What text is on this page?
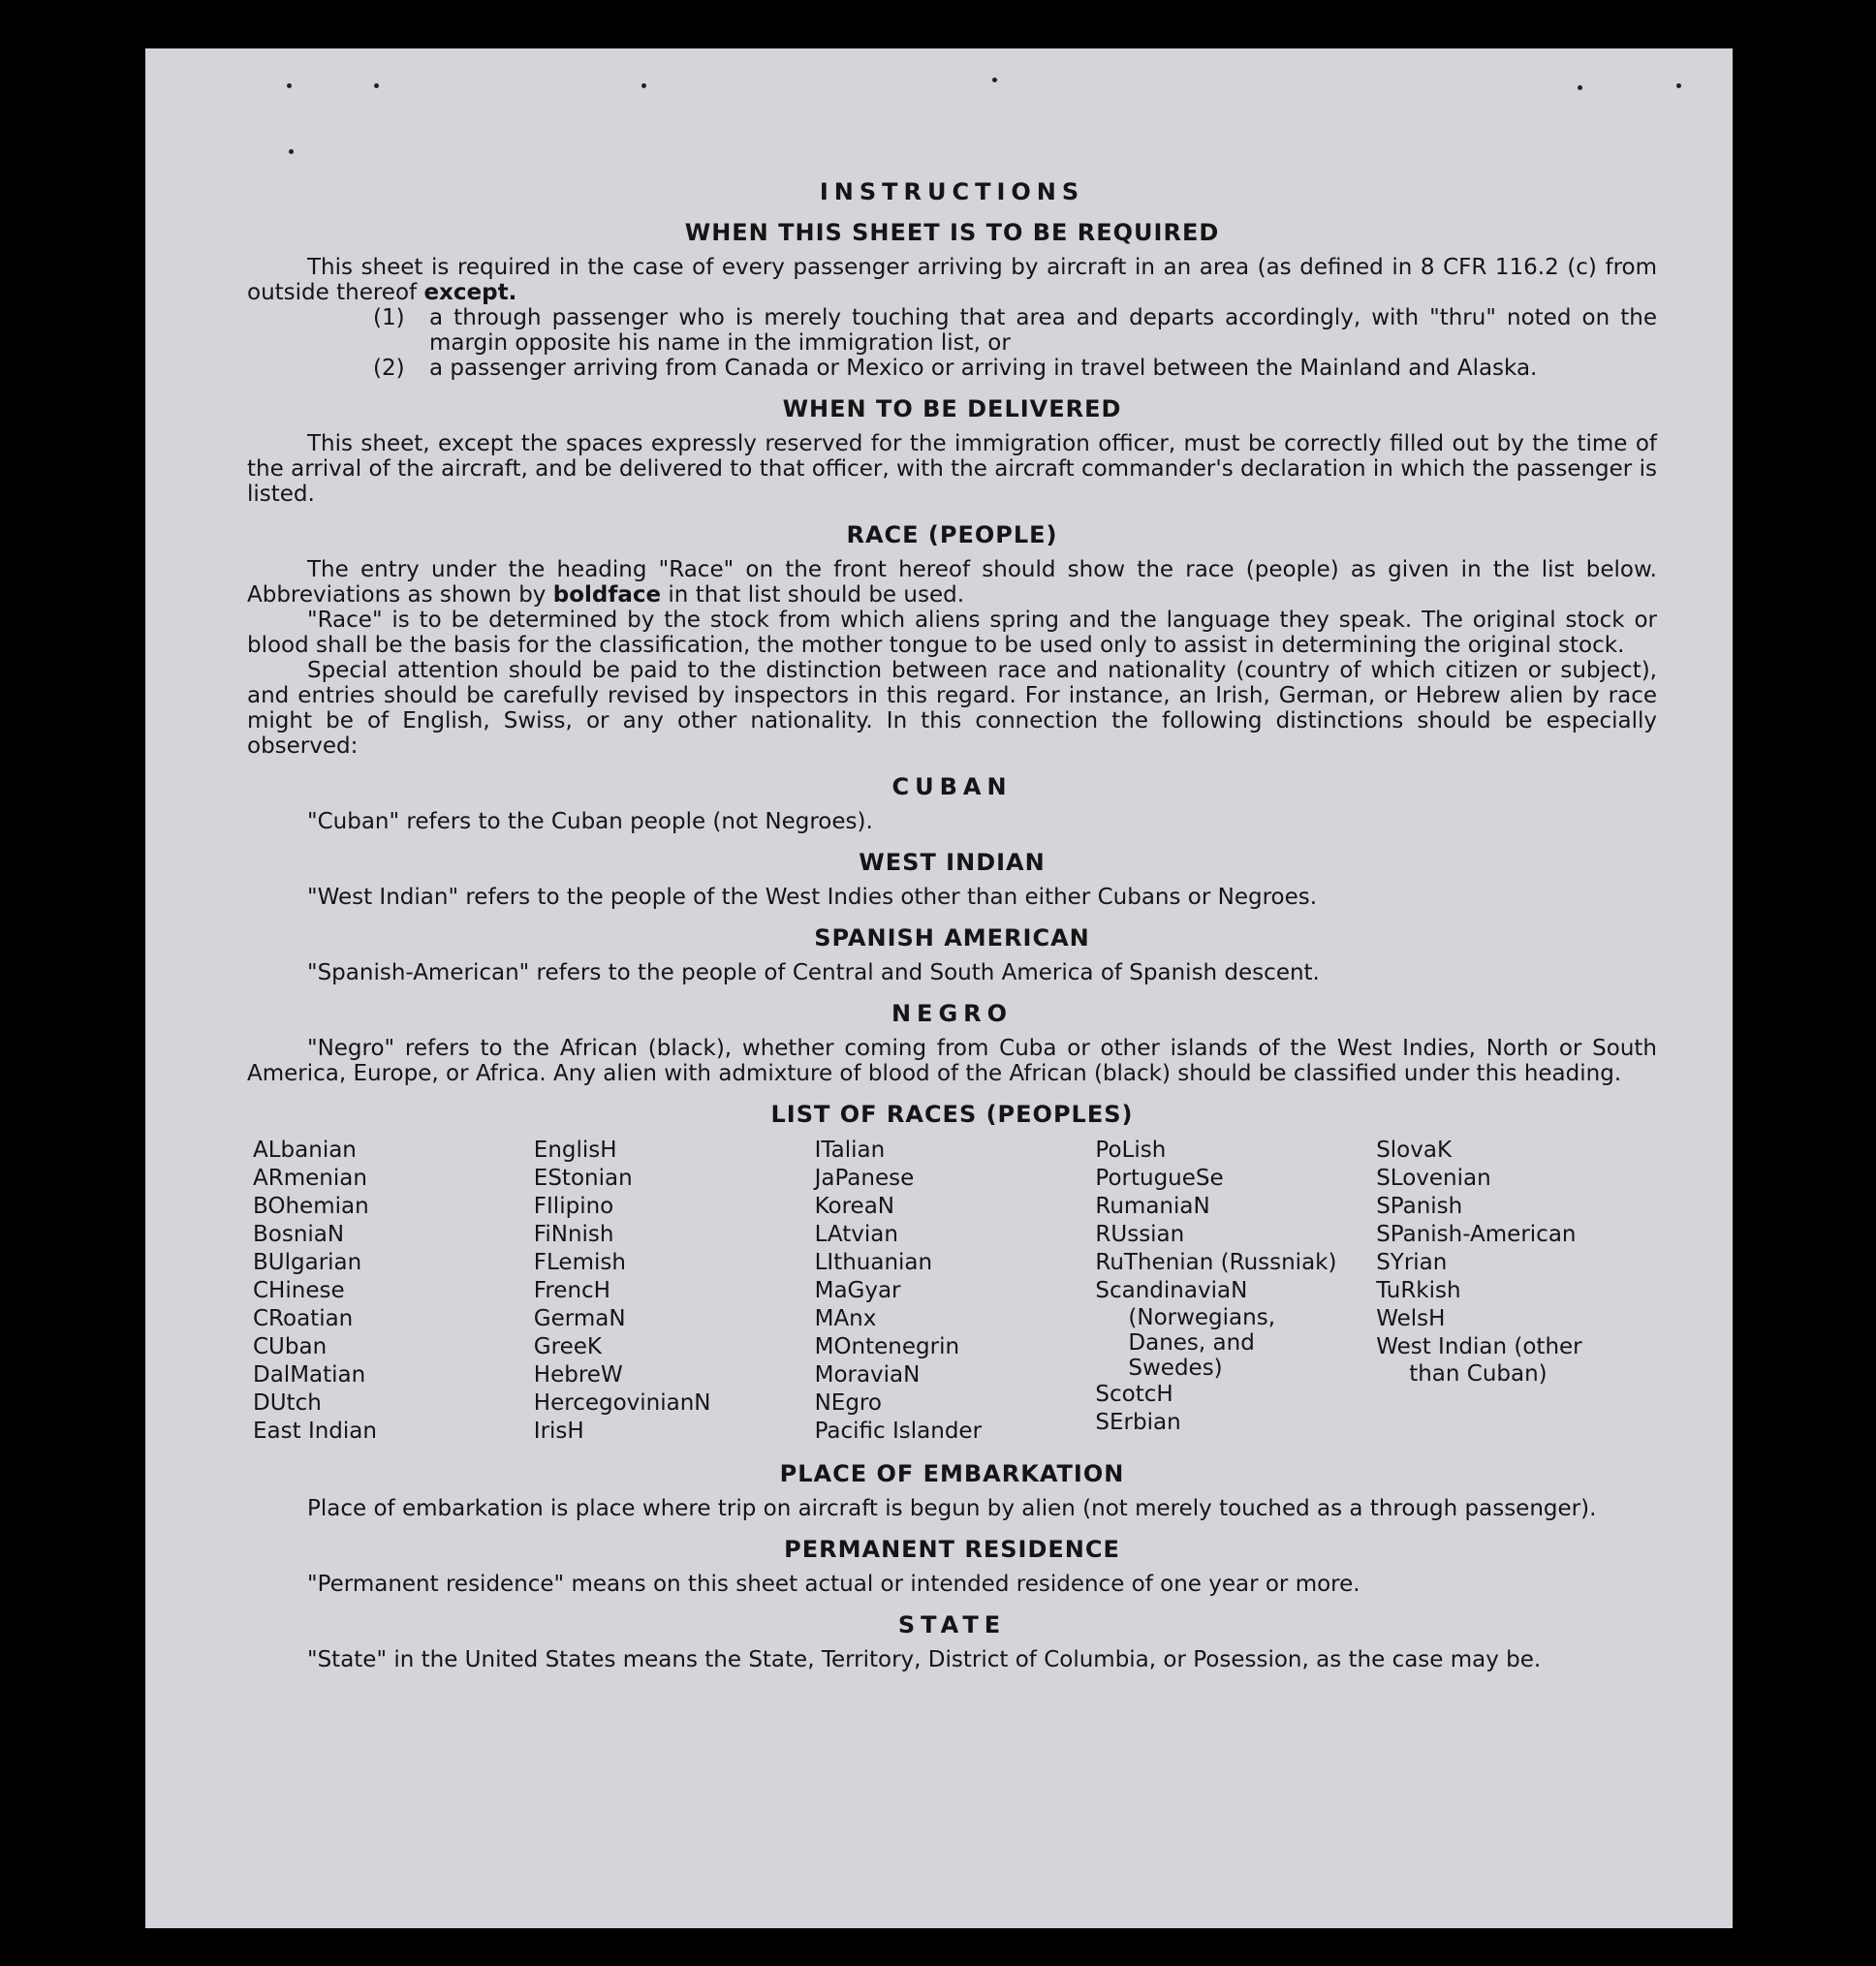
INSTRUCTIONS
WHEN THIS SHEET IS TO BE REQUIRED

This sheet is required in the case of every passenger arriving by aircraft in an area (as defined in 8 CFR 116.2 (c) from outside thereof except.

(1)	a through passenger who is merely touching that area and departs accordingly, with "thru" noted on the margin opposite his name in the immigration list, or
(2)	a passenger arriving from Canada or Mexico or arriving in travel between the Mainland and Alaska.
WHEN TO BE DELIVERED

This sheet, except the spaces expressly reserved for the immigration officer, must be correctly filled out by the time of the arrival of the aircraft, and be delivered to that officer, with the aircraft commander's declaration in which the passenger is listed.

RACE (PEOPLE)

The entry under the heading "Race" on the front hereof should show the race (people) as given in the list below. Abbreviations as shown by boldface in that list should be used.

"Race" is to be determined by the stock from which aliens spring and the language they speak. The original stock or blood shall be the basis for the classification, the mother tongue to be used only to assist in determining the original stock.

Special attention should be paid to the distinction between race and nationality (country of which citizen or subject), and entries should be carefully revised by inspectors in this regard. For instance, an Irish, German, or Hebrew alien by race might be of English, Swiss, or any other nationality. In this connection the following distinctions should be especially observed:

CUBAN

"Cuban" refers to the Cuban people (not Negroes).

WEST INDIAN

"West Indian" refers to the people of the West Indies other than either Cubans or Negroes.

SPANISH AMERICAN

"Spanish-American" refers to the people of Central and South America of Spanish descent.

NEGRO

"Negro" refers to the African (black), whether coming from Cuba or other islands of the West Indies, North or South America, Europe, or Africa. Any alien with admixture of blood of the African (black) should be classified under this heading.

LIST OF RACES (PEOPLES)
ALbanian
ARmenian
BOhemian
BosniaN
BUlgarian
CHinese
CRoatian
CUban
DalMatian
DUtch
East Indian
EnglisH
EStonian
FIlipino
FiNnish
FLemish
FrencH
GermaN
GreeK
HebreW
HercegovinianN
IrisH
ITalian
JaPanese
KoreaN
LAtvian
LIthuanian
MaGyar
MAnx
MOntenegrin
MoraviaN
NEgro
Pacific Islander
PoLish
PortugueSe
RumaniaN
RUssian
RuThenian (Russniak)
ScandinaviaN
(Norwegians,
Danes, and
Swedes)
ScotcH
SErbian
SlovaK
SLovenian
SPanish
SPanish-American
SYrian
TuRkish
WelsH
West Indian (other
than Cuban)
PLACE OF EMBARKATION

Place of embarkation is place where trip on aircraft is begun by alien (not merely touched as a through passenger).

PERMANENT RESIDENCE

"Permanent residence" means on this sheet actual or intended residence of one year or more.

STATE

"State" in the United States means the State, Territory, District of Columbia, or Posession, as the case may be.
